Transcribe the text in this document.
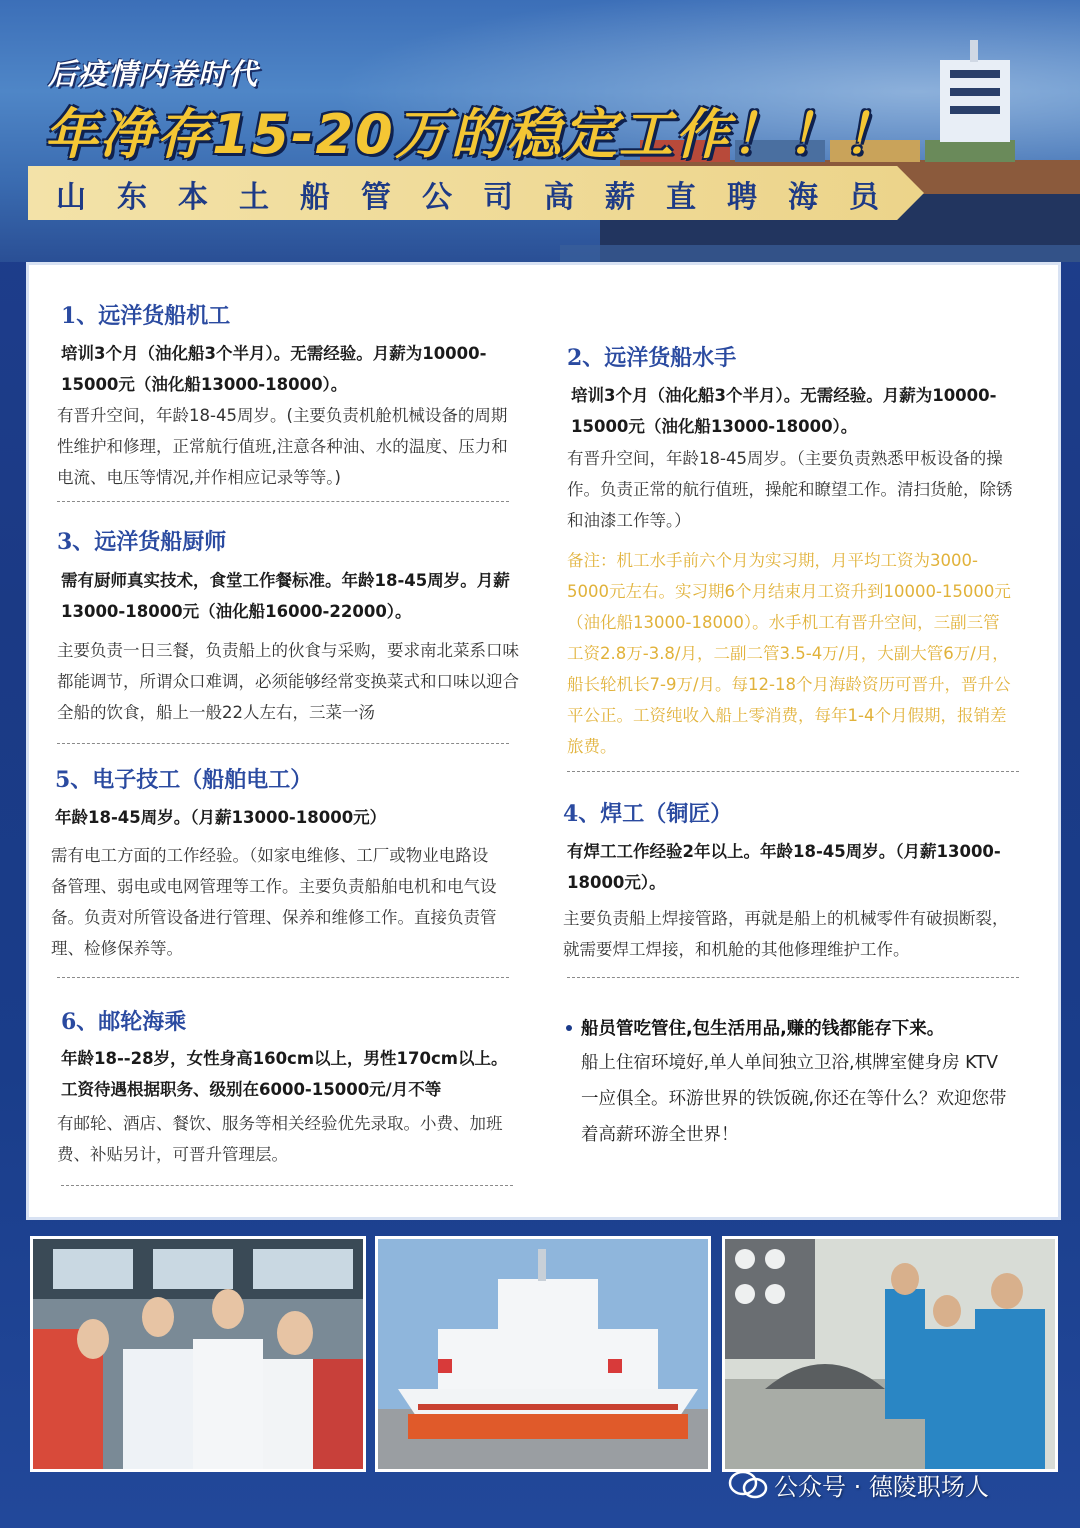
后疫情内卷时代
年净存15-20万的稳定工作！！！
山东本土船管公司高薪直聘海员
1、远洋货船机工
培训3个月（油化船3个半月）。无需经验。月薪为10000-15000元（油化船13000-18000）。
有晋升空间，年龄18-45周岁。(主要负责机舱机械设备的周期性维护和修理，正常航行值班,注意各种油、水的温度、压力和电流、电压等情况,并作相应记录等等。)
3、远洋货船厨师
需有厨师真实技术，食堂工作餐标准。年龄18-45周岁。月薪13000-18000元（油化船16000-22000）。
主要负责一日三餐，负责船上的伙食与采购，要求南北菜系口味都能调节，所谓众口难调，必须能够经常变换菜式和口味以迎合全船的饮食，船上一般22人左右，三菜一汤
5、电子技工（船舶电工）
年龄18-45周岁。（月薪13000-18000元）
需有电工方面的工作经验。（如家电维修、工厂或物业电路设备管理、弱电或电网管理等工作。主要负责船舶电机和电气设备。负责对所管设备进行管理、保养和维修工作。直接负责管理、检修保养等。
6、邮轮海乘
年龄18--28岁，女性身高160cm以上，男性170cm以上。工资待遇根据职务、级别在6000-15000元/月不等
有邮轮、酒店、餐饮、服务等相关经验优先录取。小费、加班费、补贴另计，可晋升管理层。
2、远洋货船水手
培训3个月（油化船3个半月）。无需经验。月薪为10000-15000元（油化船13000-18000）。
有晋升空间，年龄18-45周岁。（主要负责熟悉甲板设备的操作。负责正常的航行值班，操舵和瞭望工作。清扫货舱，除锈和油漆工作等。）
备注：机工水手前六个月为实习期，月平均工资为3000-5000元左右。实习期6个月结束月工资升到10000-15000元（油化船13000-18000）。水手机工有晋升空间，三副三管工资2.8万-3.8/月，二副二管3.5-4万/月，大副大管6万/月，船长轮机长7-9万/月。每12-18个月海龄资历可晋升，晋升公平公正。工资纯收入船上零消费，每年1-4个月假期，报销差旅费。
4、焊工（铜匠）
有焊工工作经验2年以上。年龄18-45周岁。（月薪13000-18000元）。
主要负责船上焊接管路，再就是船上的机械零件有破损断裂，就需要焊工焊接，和机舱的其他修理维护工作。
船员管吃管住,包生活用品,赚的钱都能存下来。
船上住宿环境好,单人单间独立卫浴,棋牌室健身房 KTV 一应俱全。环游世界的铁饭碗,你还在等什么？欢迎您带着高薪环游全世界！
公众号 · 德陵职场人
